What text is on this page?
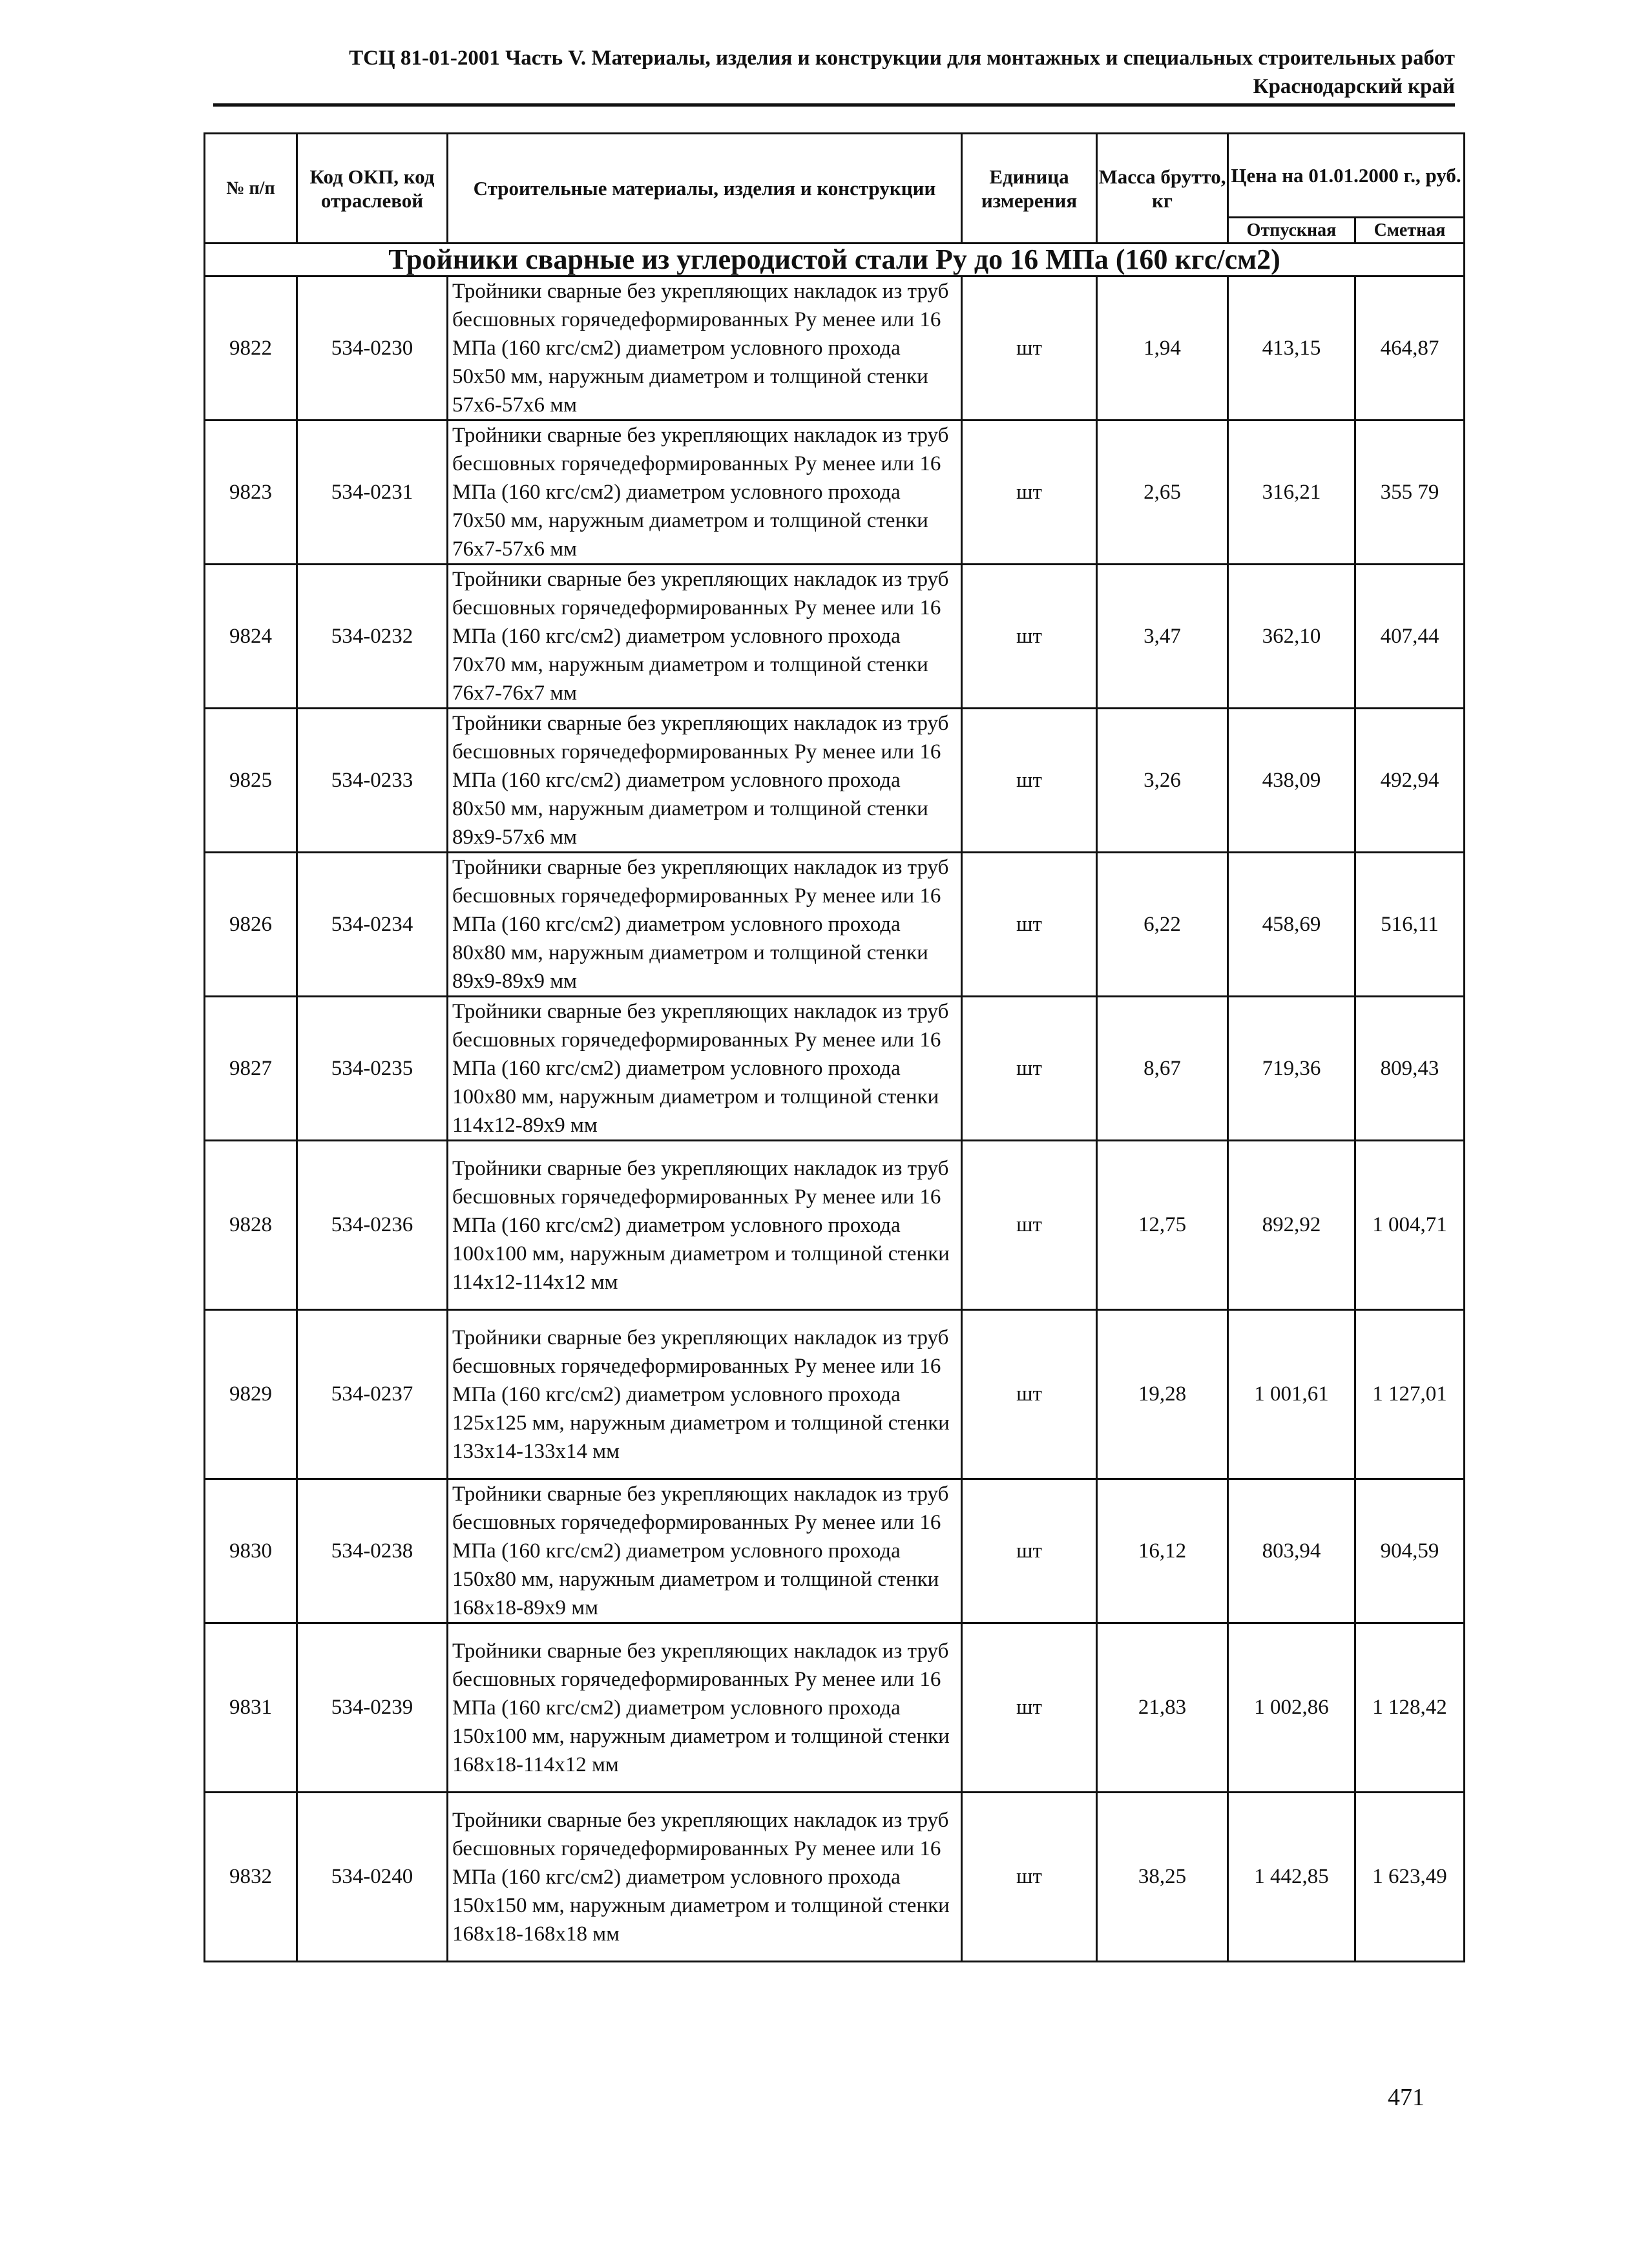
ТСЦ 81-01-2001 Часть V. Материалы, изделия и конструкции для монтажных и специальных строительных работ
Краснодарский край
№ п/п	Код ОКП, код отраслевой	Строительные материалы, изделия и конструкции	Единица измерения	Масса брутто, кг	Цена на 01.01.2000 г., руб.	
					Отпускная	Сметная
Тройники сварные из углеродистой стали Ру до 16 МПа (160 кгс/см2)						
9822	534-0230	Тройники сварные без укрепляющих накладок из труб бесшовных горячедеформированных Ру менее или 16 МПа (160 кгс/см2) диаметром условного прохода 50х50 мм, наружным диаметром и толщиной стенки 57х6-57х6 мм	шт	1,94	413,15	464,87
9823	534-0231	Тройники сварные без укрепляющих накладок из труб бесшовных горячедеформированных Ру менее или 16 МПа (160 кгс/см2) диаметром условного прохода 70х50 мм, наружным диаметром и толщиной стенки 76х7-57х6 мм	шт	2,65	316,21	355 79
9824	534-0232	Тройники сварные без укрепляющих накладок из труб бесшовных горячедеформированных Ру менее или 16 МПа (160 кгс/см2) диаметром условного прохода 70х70 мм, наружным диаметром и толщиной стенки 76х7-76х7 мм	шт	3,47	362,10	407,44
9825	534-0233	Тройники сварные без укрепляющих накладок из труб бесшовных горячедеформированных Ру менее или 16 МПа (160 кгс/см2) диаметром условного прохода 80х50 мм, наружным диаметром и толщиной стенки 89х9-57х6 мм	шт	3,26	438,09	492,94
9826	534-0234	Тройники сварные без укрепляющих накладок из труб бесшовных горячедеформированных Ру менее или 16 МПа (160 кгс/см2) диаметром условного прохода 80х80 мм, наружным диаметром и толщиной стенки 89х9-89х9 мм	шт	6,22	458,69	516,11
9827	534-0235	Тройники сварные без укрепляющих накладок из труб бесшовных горячедеформированных Ру менее или 16 МПа (160 кгс/см2) диаметром условного прохода 100х80 мм, наружным диаметром и толщиной стенки 114х12-89х9 мм	шт	8,67	719,36	809,43
9828	534-0236	Тройники сварные без укрепляющих накладок из труб бесшовных горячедеформированных Ру менее или 16 МПа (160 кгс/см2) диаметром условного прохода 100х100 мм, наружным диаметром и толщиной стенки 114х12-114х12 мм	шт	12,75	892,92	1 004,71
9829	534-0237	Тройники сварные без укрепляющих накладок из труб бесшовных горячедеформированных Ру менее или 16 МПа (160 кгс/см2) диаметром условного прохода 125х125 мм, наружным диаметром и толщиной стенки 133х14-133х14 мм	шт	19,28	1 001,61	1 127,01
9830	534-0238	Тройники сварные без укрепляющих накладок из труб бесшовных горячедеформированных Ру менее или 16 МПа (160 кгс/см2) диаметром условного прохода 150х80 мм, наружным диаметром и толщиной стенки 168х18-89х9 мм	шт	16,12	803,94	904,59
9831	534-0239	Тройники сварные без укрепляющих накладок из труб бесшовных горячедеформированных Ру менее или 16 МПа (160 кгс/см2) диаметром условного прохода 150х100 мм, наружным диаметром и толщиной стенки 168х18-114х12 мм	шт	21,83	1 002,86	1 128,42
9832	534-0240	Тройники сварные без укрепляющих накладок из труб бесшовных горячедеформированных Ру менее или 16 МПа (160 кгс/см2) диаметром условного прохода 150х150 мм, наружным диаметром и толщиной стенки 168х18-168х18 мм	шт	38,25	1 442,85	1 623,49
471
